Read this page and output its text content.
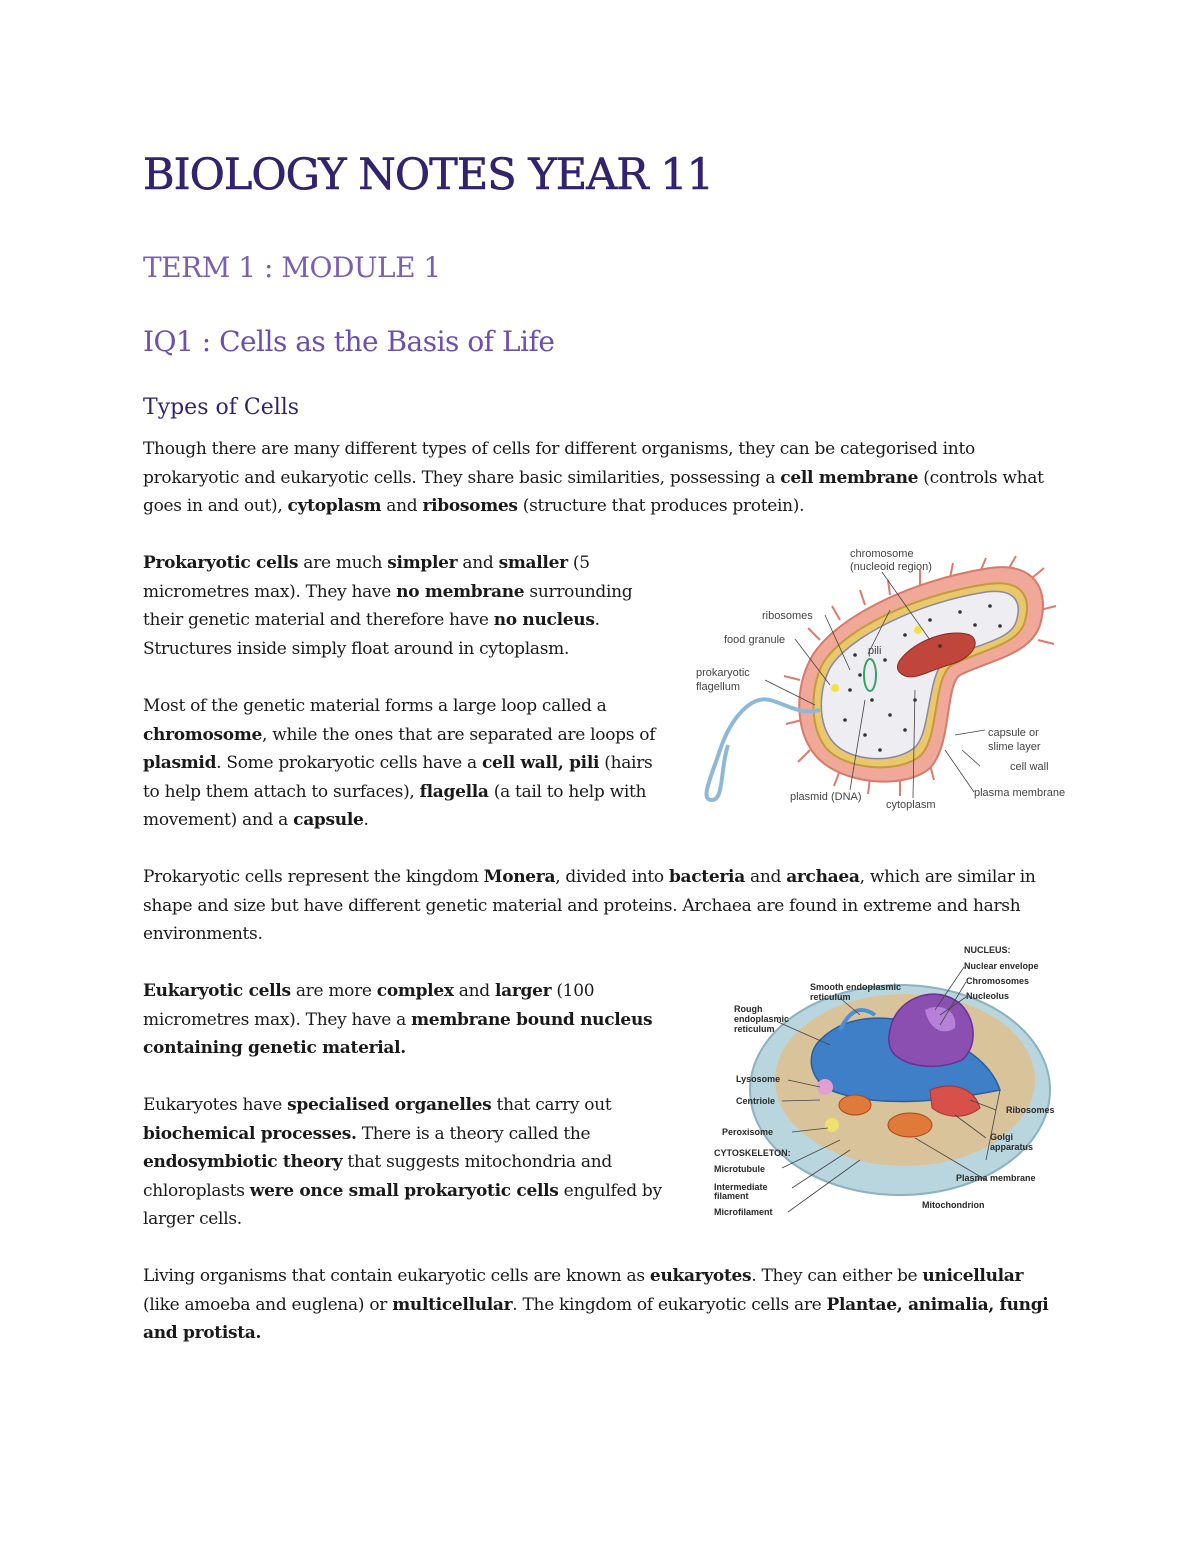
BIOLOGY NOTES YEAR 11
TERM 1 : MODULE 1
IQ1 : Cells as the Basis of Life
Types of Cells

Though there are many different types of cells for different organisms, they can be categorised into prokaryotic and eukaryotic cells. They share basic similarities, possessing a cell membrane (controls what goes in and out), cytoplasm and ribosomes (structure that produces protein).

Prokaryotic cells are much simpler and smaller (5 micrometres max). They have no membrane surrounding their genetic material and therefore have no nucleus. Structures inside simply float around in cytoplasm.

Most of the genetic material forms a large loop called a chromosome, while the ones that are separated are loops of plasmid. Some prokaryotic cells have a cell wall, pili (hairs to help them attach to surfaces), flagella (a tail to help with movement) and a capsule.

Prokaryotic cells represent the kingdom Monera, divided into bacteria and archaea, which are similar in shape and size but have different genetic material and proteins. Archaea are found in extreme and harsh environments.

Eukaryotic cells are more complex and larger (100 micrometres max). They have a membrane bound nucleus containing genetic material.

Eukaryotes have specialised organelles that carry out biochemical processes. There is a theory called the endosymbiotic theory that suggests mitochondria and chloroplasts were once small prokaryotic cells engulfed by larger cells.

Living organisms that contain eukaryotic cells are known as eukaryotes. They can either be unicellular (like amoeba and euglena) or multicellular. The kingdom of eukaryotic cells are Plantae, animalia, fungi and protista.

chromosome
(nucleoid region)
pili
ribosomes
food granule
prokaryotic
flagellum
capsule or
slime layer
cell wall
plasma membrane
plasmid (DNA)
cytoplasm
NUCLEUS:
Nuclear envelope
Chromosomes
Nucleolus
Smooth endoplasmic
reticulum
Rough
endoplasmic
reticulum
Lysosome
Centriole
Peroxisome
CYTOSKELETON:
Microtubule
Intermediate
filament
Microfilament
Ribosomes
Golgi
apparatus
Plasma membrane
Mitochondrion
